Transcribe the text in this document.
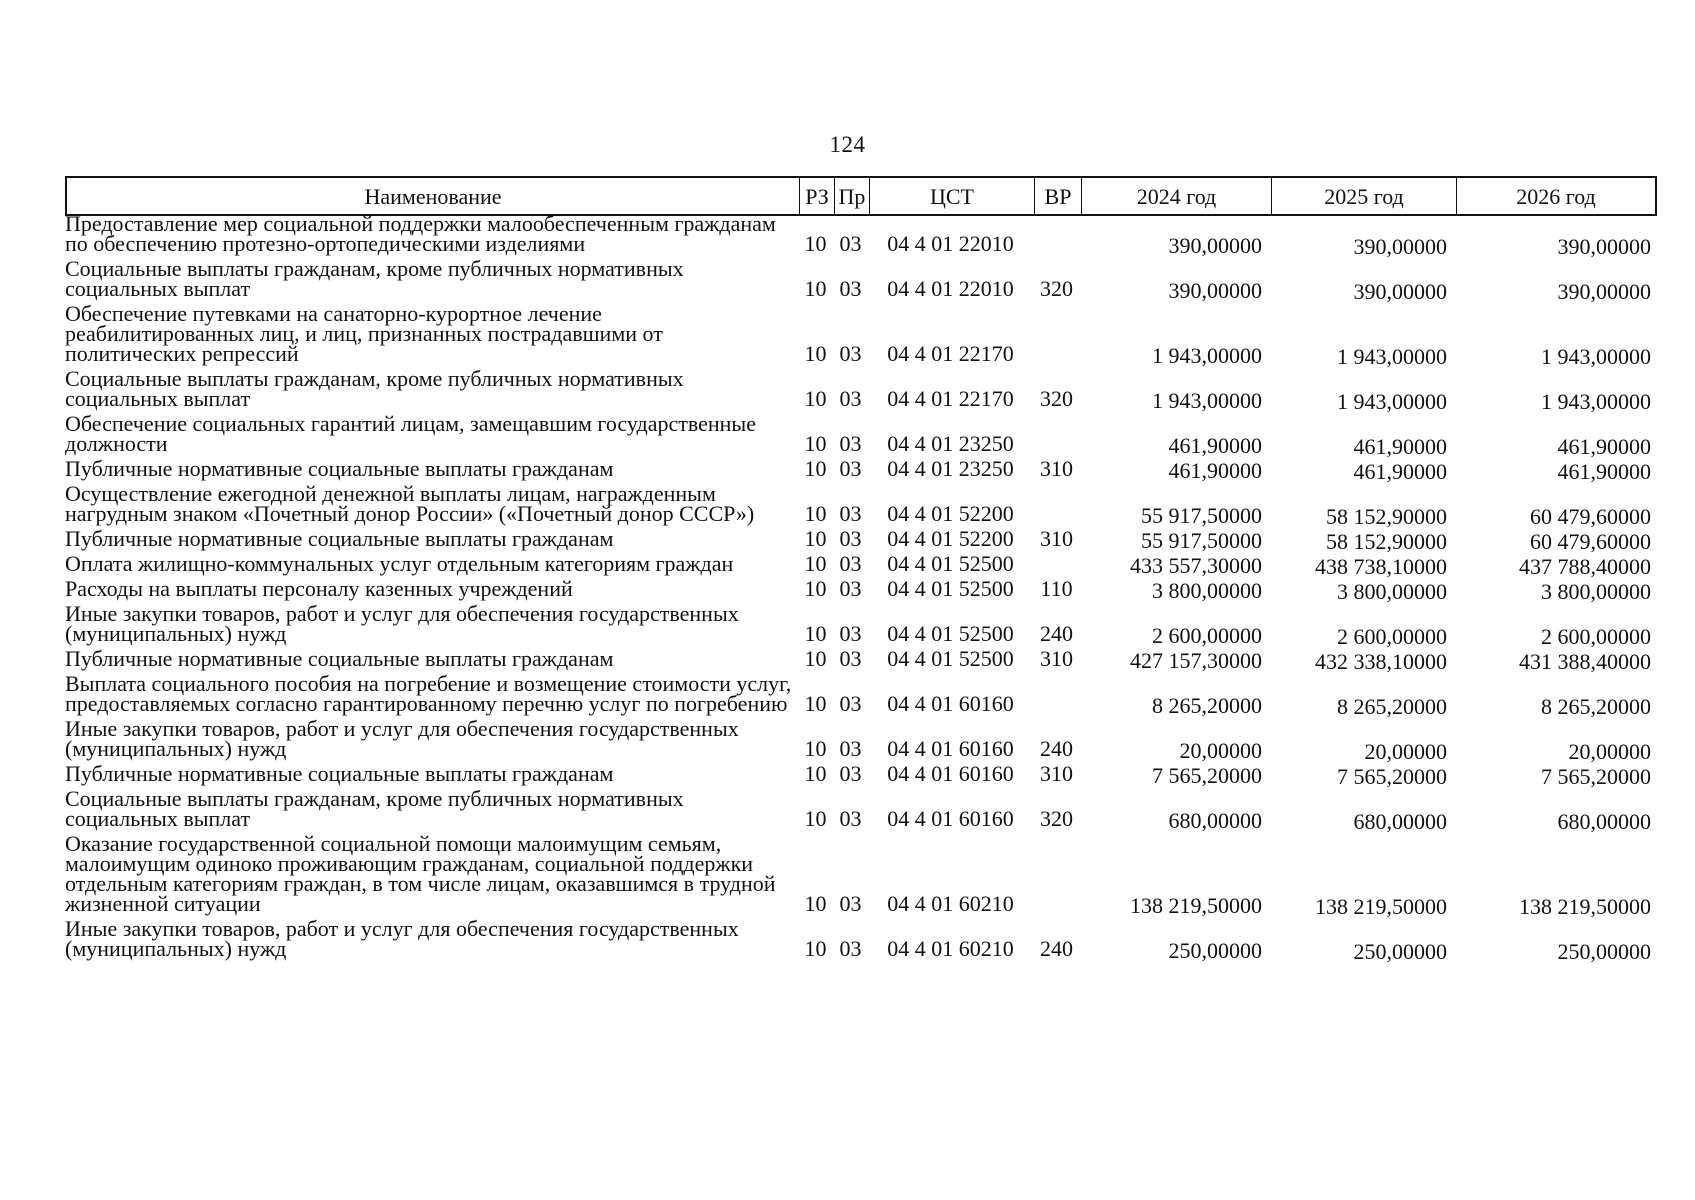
124
Наименование	РЗ Пр	ЦСТ	ВР	2024 год	2025 год	2026 год
Предоставление мер социальной поддержки малообеспеченным гражданам по обеспечению протезно-ортопедическими изделиями	10 03	04 4 01 22010	390,00000	390,00000	390,00000
Социальные выплаты гражданам, кроме публичных нормативных социальных выплат	10 03	04 4 01 22010	320	390,00000	390,00000	390,00000
Обеспечение путевками на санаторно-курортное лечение реабилитированных лиц, и лиц, признанных пострадавшими от политических репрессий	10 03	04 4 01 22170	1 943,00000	1 943,00000	1 943,00000
Социальные выплаты гражданам, кроме публичных нормативных социальных выплат	10 03	04 4 01 22170	320	1 943,00000	1 943,00000	1 943,00000
Обеспечение социальных гарантий лицам, замещавшим государственные должности	10 03	04 4 01 23250	461,90000	461,90000	461,90000
Публичные нормативные социальные выплаты гражданам	10 03	04 4 01 23250	310	461,90000	461,90000	461,90000
Осуществление ежегодной денежной выплаты лицам, награжденным нагрудным знаком «Почетный донор России» («Почетный донор СССР»)	10 03	04 4 01 52200	55 917,50000	58 152,90000	60 479,60000
Публичные нормативные социальные выплаты гражданам	10 03	04 4 01 52200	310	55 917,50000	58 152,90000	60 479,60000
Оплата жилищно-коммунальных услуг отдельным категориям граждан	10 03	04 4 01 52500	433 557,30000	438 738,10000	437 788,40000
Расходы на выплаты персоналу казенных учреждений	10 03	04 4 01 52500	110	3 800,00000	3 800,00000	3 800,00000
Иные закупки товаров, работ и услуг для обеспечения государственных (муниципальных) нужд	10 03	04 4 01 52500	240	2 600,00000	2 600,00000	2 600,00000
Публичные нормативные социальные выплаты гражданам	10 03	04 4 01 52500	310	427 157,30000	432 338,10000	431 388,40000
Выплата социального пособия на погребение и возмещение стоимости услуг, предоставляемых согласно гарантированному перечню услуг по погребению 10 03	04 4 01 60160	8 265,20000	8 265,20000	8 265,20000
Иные закупки товаров, работ и услуг для обеспечения государственных (муниципальных) нужд	10 03	04 4 01 60160	240	20,00000	20,00000	20,00000
Публичные нормативные социальные выплаты гражданам	10 03	04 4 01 60160	310	7 565,20000	7 565,20000	7 565,20000
Социальные выплаты гражданам, кроме публичных нормативных социальных выплат	10 03	04 4 01 60160	320	680,00000	680,00000	680,00000
Оказание государственной социальной помощи малоимущим семьям, малоимущим одиноко проживающим гражданам, социальной поддержки отдельным категориям граждан, в том числе лицам, оказавшимся в трудной жизненной ситуации	10 03	04 4 01 60210	138 219,50000	138 219,50000	138 219,50000
Иные закупки товаров, работ и услуг для обеспечения государственных (муниципальных) нужд	10 03	04 4 01 60210	240	250,00000	250,00000	250,00000
